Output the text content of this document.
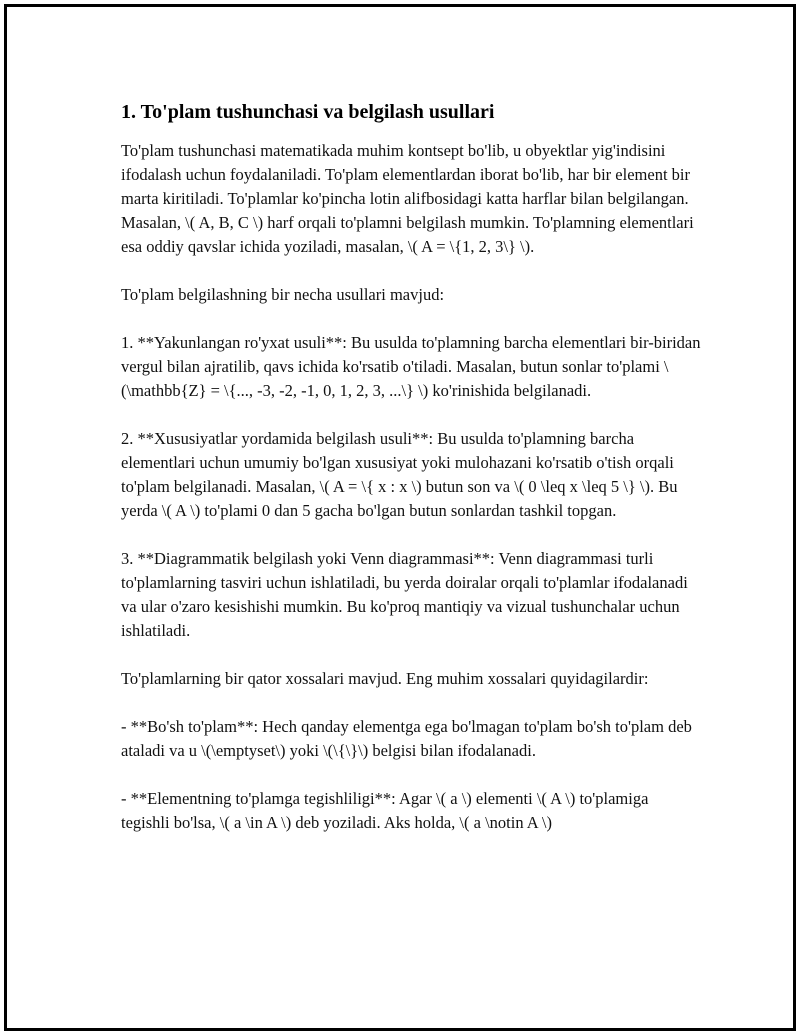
1. To'plam tushunchasi va belgilash usullari

To'plam tushunchasi matematikada muhim kontsept bo'lib, u obyektlar yig'indisini ifodalash uchun foydalaniladi. To'plam elementlardan iborat bo'lib, har bir element bir marta kiritiladi. To'plamlar ko'pincha lotin alifbosidagi katta harflar bilan belgilangan. Masalan, \( A, B, C \) harf orqali to'plamni belgilash mumkin. To'plamning elementlari esa oddiy qavslar ichida yoziladi, masalan, \( A = \{1, 2, 3\} \).

To'plam belgilashning bir necha usullari mavjud:

1. **Yakunlangan ro'yxat usuli**: Bu usulda to'plamning barcha elementlari bir-biridan vergul bilan ajratilib, qavs ichida ko'rsatib o'tiladi. Masalan, butun sonlar to'plami \(\mathbb{Z} = \{..., -3, -2, -1, 0, 1, 2, 3, ...\} \) ko'rinishida belgilanadi.

2. **Xususiyatlar yordamida belgilash usuli**: Bu usulda to'plamning barcha elementlari uchun umumiy bo'lgan xususiyat yoki mulohazani ko'rsatib o'tish orqali to'plam belgilanadi. Masalan, \( A = \{ x : x \) butun son va \( 0 \leq x \leq 5 \} \). Bu yerda \( A \) to'plami 0 dan 5 gacha bo'lgan butun sonlardan tashkil topgan.

3. **Diagrammatik belgilash yoki Venn diagrammasi**: Venn diagrammasi turli to'plamlarning tasviri uchun ishlatiladi, bu yerda doiralar orqali to'plamlar ifodalanadi va ular o'zaro kesishishi mumkin. Bu ko'proq mantiqiy va vizual tushunchalar uchun ishlatiladi.

To'plamlarning bir qator xossalari mavjud. Eng muhim xossalari quyidagilardir:

- **Bo'sh to'plam**: Hech qanday elementga ega bo'lmagan to'plam bo'sh to'plam deb ataladi va u \(\emptyset\) yoki \(\{\}\) belgisi bilan ifodalanadi.

- **Elementning to'plamga tegishliligi**: Agar \( a \) elementi \( A \) to'plamiga tegishli bo'lsa, \( a \in A \) deb yoziladi. Aks holda, \( a \notin A \)
